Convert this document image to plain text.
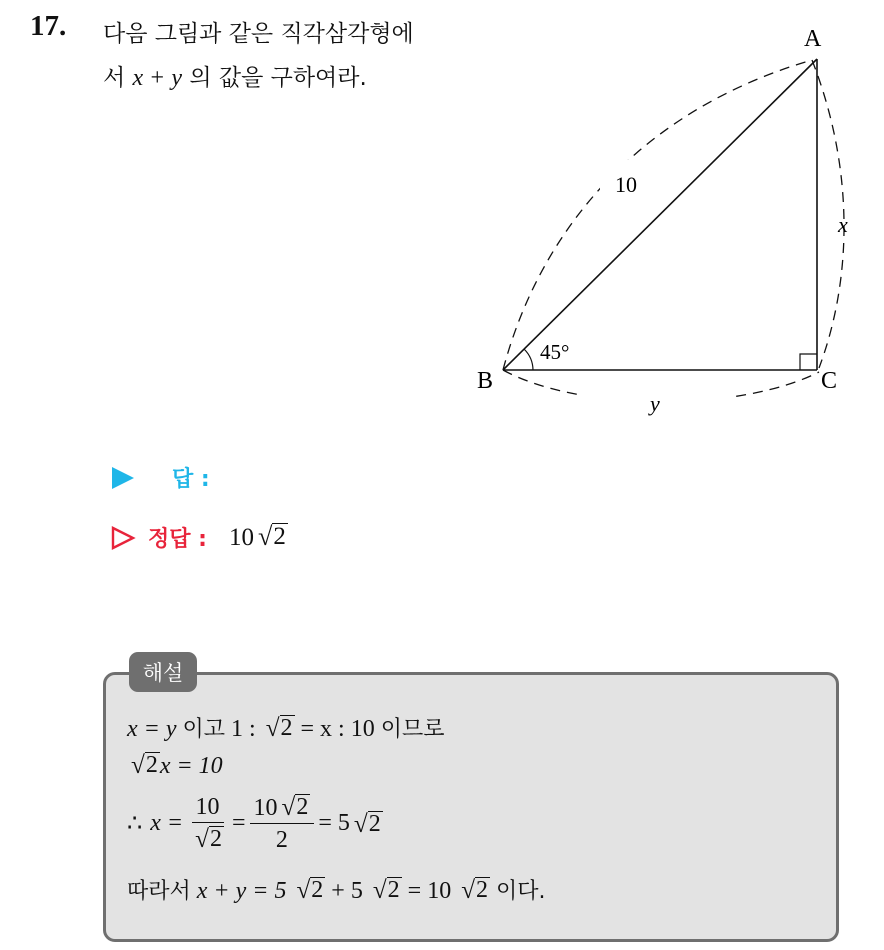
17. 다음 그림과 같은 직각삼각형에
서 x + y 의 값을 구하여라.
A
B	C
10
x
y
45°
답 :
정답 : 10 √ 2
해설
x = y 이고 1 : √ 2 = x : 10 이므로
√ 2 x = 10
∴ $x = \frac{10}{√ 2} = \frac{10 √ 2}{2} = 5$ √ 2
따라서 x + y = 5 √ 2 + 5 √ 2 = 10 √ 2 이다.
